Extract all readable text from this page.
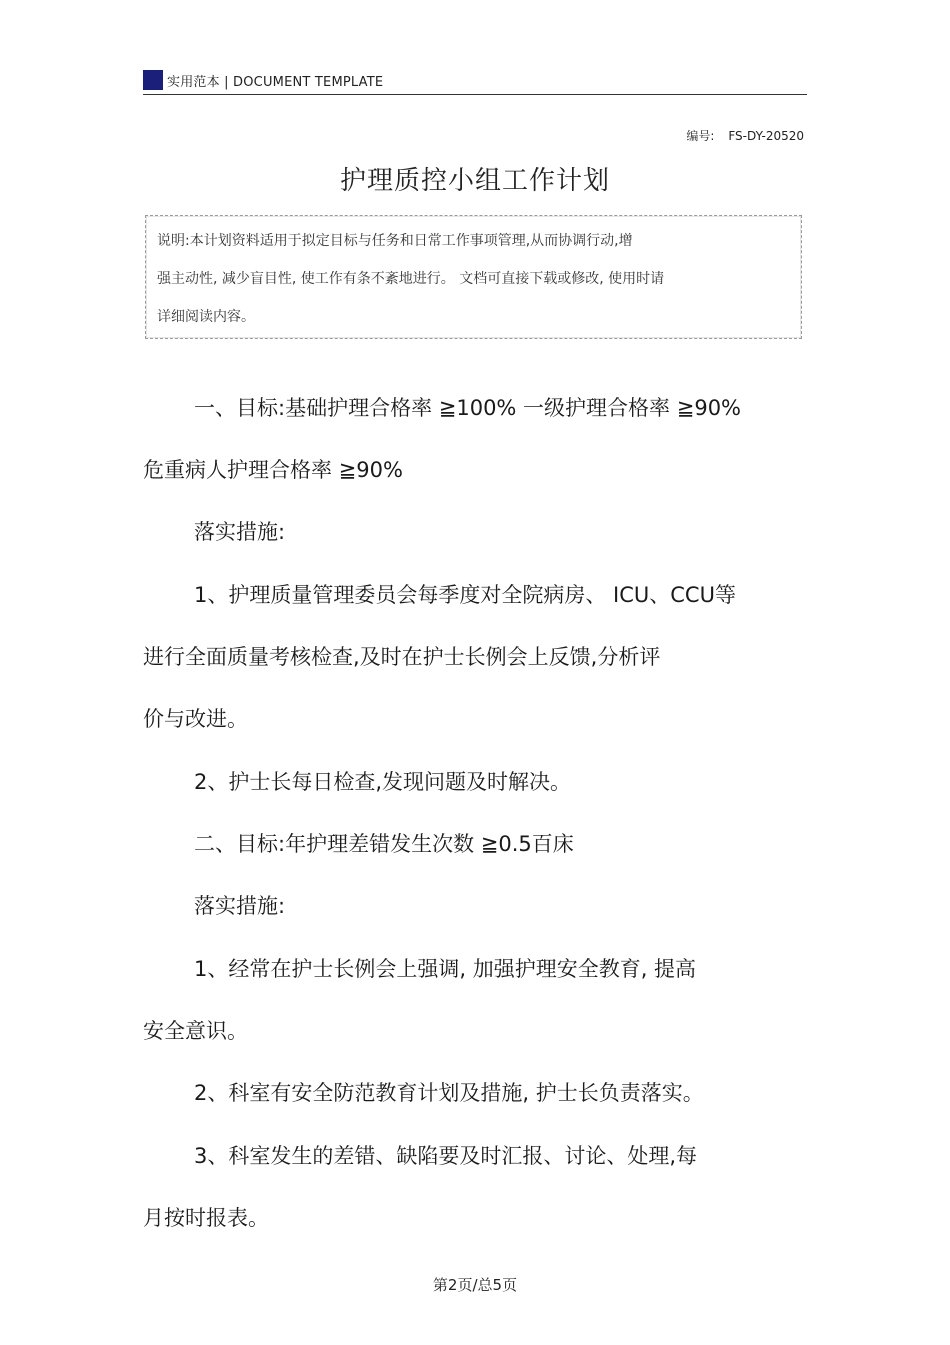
实用范本 | DOCUMENT TEMPLATE
编号: FS-DY-20520
护理质控小组工作计划
说明:本计划资料适用于拟定目标与任务和日常工作事项管理,从而协调行动,增
强主动性, 减少盲目性, 使工作有条不紊地进行。 文档可直接下载或修改, 使用时请
详细阅读内容。
一、目标:基础护理合格率 ≧100% 一级护理合格率 ≧90%
危重病人护理合格率 ≧90%
落实措施:
1、护理质量管理委员会每季度对全院病房、 ICU、CCU等
进行全面质量考核检查,及时在护士长例会上反馈,分析评
价与改进。
2、护士长每日检查,发现问题及时解决。
二、目标:年护理差错发生次数 ≧0.5百床
落实措施:
1、经常在护士长例会上强调, 加强护理安全教育, 提高
安全意识。
2、科室有安全防范教育计划及措施, 护士长负责落实。
3、科室发生的差错、缺陷要及时汇报、讨论、处理,每
月按时报表。
第2页/总5页
